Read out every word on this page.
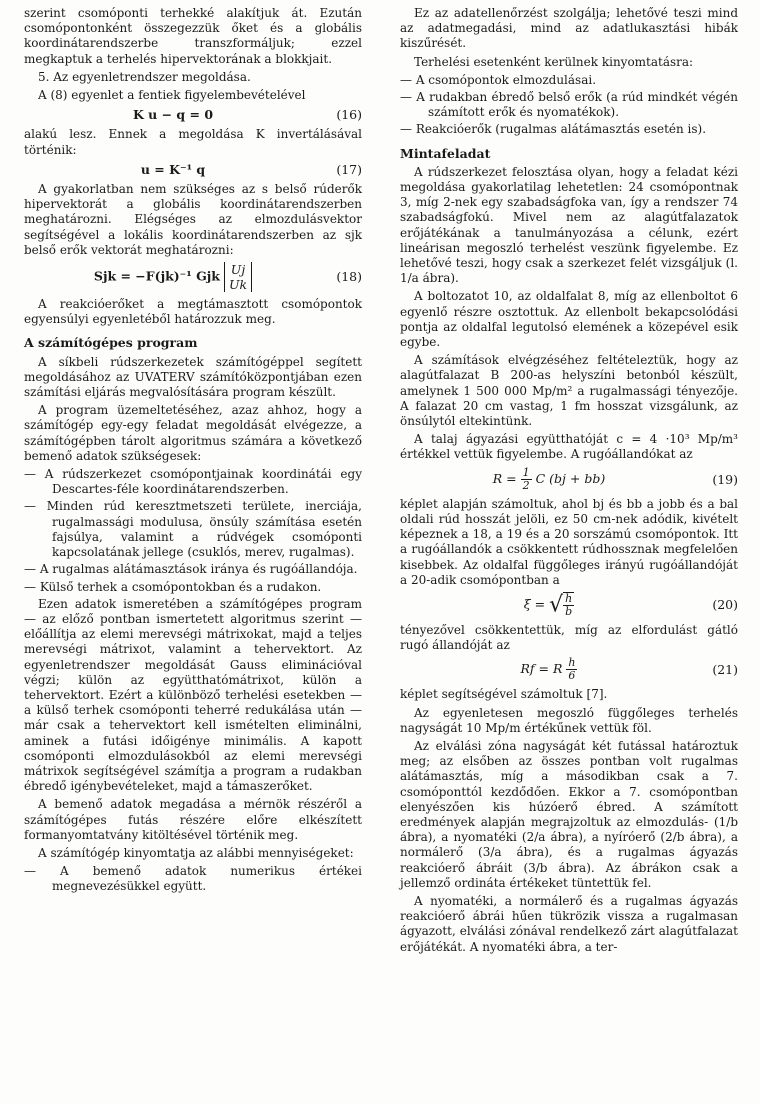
szerint csomóponti terhekké alakítjuk át. Ezután csomópontonként összegezzük őket és a globális koordinátarendszerbe transzformáljuk; ezzel megkaptuk a terhelés hipervektorának a blokkjait.

5. Az egyenletrendszer megoldása.

A (8) egyenlet a fentiek figyelembevételével

K u − q = 0	(16)

alakú lesz. Ennek a megoldása K invertálásával történik:

u = K⁻¹ q	(17)

A gyakorlatban nem szükséges az s belső rúderők hipervektorát a globális koordinátarendszerben meghatározni. Elégséges az elmozdulásvektor segítségével a lokális koordinátarendszerben az sjk belső erők vektorát meghatározni:

Sjk = −F(jk)⁻¹ Gjk Uj
Uk
(18)

A reakcióerőket a megtámasztott csomópontok egyensúlyi egyenletéből határozzuk meg.

A számítógépes program

A síkbeli rúdszerkezetek számítógéppel segített megoldásához az UVATERV számítóközpontjában ezen számítási eljárás megvalósítására program készült.

A program üzemeltetéséhez, azaz ahhoz, hogy a számítógép egy-egy feladat megoldását elvégezze, a számítógépben tárolt algoritmus számára a következő bemenő adatok szükségesek:

— A rúdszerkezet csomópontjainak koordinátái egy Descartes-féle koordinátarendszerben.

— Minden rúd keresztmetszeti területe, inerciája, rugalmassági modulusa, önsúly számítása esetén fajsúlya, valamint a rúdvégek csomóponti kapcsolatának jellege (csuklós, merev, rugalmas).

— A rugalmas alátámasztások iránya és rugóállandója.

— Külső terhek a csomópontokban és a rudakon.

Ezen adatok ismeretében a számítógépes program — az előző pontban ismertetett algoritmus szerint — előállítja az elemi merevségi mátrixokat, majd a teljes merevségi mátrixot, valamint a tehervektort. Az egyenletrendszer megoldását Gauss eliminációval végzi; külön az együtthatómátrixot, külön a tehervektort. Ezért a különböző terhelési esetekben — a külső terhek csomóponti teherré redukálása után — már csak a tehervektort kell ismételten eliminálni, aminek a futási időigénye minimális. A kapott csomóponti elmozdulásokból az elemi merevségi mátrixok segítségével számítja a program a rudakban ébredő igénybevételeket, majd a támaszerőket.

A bemenő adatok megadása a mérnök részéről a számítógépes futás részére előre elkészített formanyomtatvány kitöltésével történik meg.

A számítógép kinyomtatja az alábbi mennyiségeket:

— A bemenő adatok numerikus értékei megnevezésükkel együtt.

Ez az adatellenőrzést szolgálja; lehetővé teszi mind az adatmegadási, mind az adatlukasztási hibák kiszűrését.

Terhelési esetenként kerülnek kinyomtatásra:

— A csomópontok elmozdulásai.

— A rudakban ébredő belső erők (a rúd mindkét végén számított erők és nyomatékok).

— Reakcióerők (rugalmas alátámasztás esetén is).

Mintafeladat

A rúdszerkezet felosztása olyan, hogy a feladat kézi megoldása gyakorlatilag lehetetlen: 24 csomópontnak 3, míg 2-nek egy szabadságfoka van, így a rendszer 74 szabadságfokú. Mivel nem az alagútfalazatok erőjátékának a tanulmányozása a célunk, ezért lineárisan megoszló terhelést veszünk figyelembe. Ez lehetővé teszi, hogy csak a szerkezet felét vizsgáljuk (l. 1/a ábra).

A boltozatot 10, az oldalfalat 8, míg az ellenboltot 6 egyenlő részre osztottuk. Az ellenbolt bekapcsolódási pontja az oldalfal legutolsó elemének a közepével esik egybe.

A számítások elvégzéséhez feltételeztük, hogy az alagútfalazat B 200-as helyszíni betonból készült, amelynek 1 500 000 Mp/m² a rugalmassági tényezője. A falazat 20 cm vastag, 1 fm hosszat vizsgálunk, az önsúlytól eltekintünk.

A talaj ágyazási együtthatóját c = 4 ·10³ Mp/m³ értékkel vettük figyelembe. A rugóállandókat az

$R = \frac{1}{2}$ C (bj + bb)	(19)

képlet alapján számoltuk, ahol bj és bb a jobb és a bal oldali rúd hosszát jelöli, ez 50 cm-nek adódik, kivételt képeznek a 18, a 19 és a 20 sorszámú csomópontok. Itt a rugóállandók a csökkentett rúdhossznak megfelelően kisebbek. Az oldalfal függőleges irányú rugóállandóját a 20-adik csomópontban a

ξ = √ $\frac{h}{b}$	(20)

tényezővel csökkentettük, míg az elfordulást gátló rugó állandóját az

Rf = R $\frac{h}{6}$	(21)

képlet segítségével számoltuk [7].

Az egyenletesen megoszló függőleges terhelés nagyságát 10 Mp/m értékűnek vettük föl.

Az elválási zóna nagyságát két futással határoztuk meg; az elsőben az összes pontban volt rugalmas alátámasztás, míg a másodikban csak a 7. csomóponttól kezdődően. Ekkor a 7. csomópontban elenyészően kis húzóerő ébred. A számított eredmények alapján megrajzoltuk az elmozdulás- (1/b ábra), a nyomatéki (2/a ábra), a nyíróerő (2/b ábra), a normálerő (3/a ábra), és a rugalmas ágyazás reakcióerő ábráit (3/b ábra). Az ábrákon csak a jellemző ordináta értékeket tüntettük fel.

A nyomatéki, a normálerő és a rugalmas ágyazás reakcióerő ábrái hűen tükrözik vissza a rugalmasan ágyazott, elválási zónával rendelkező zárt alagútfalazat erőjátékát. A nyomatéki ábra, a ter-
